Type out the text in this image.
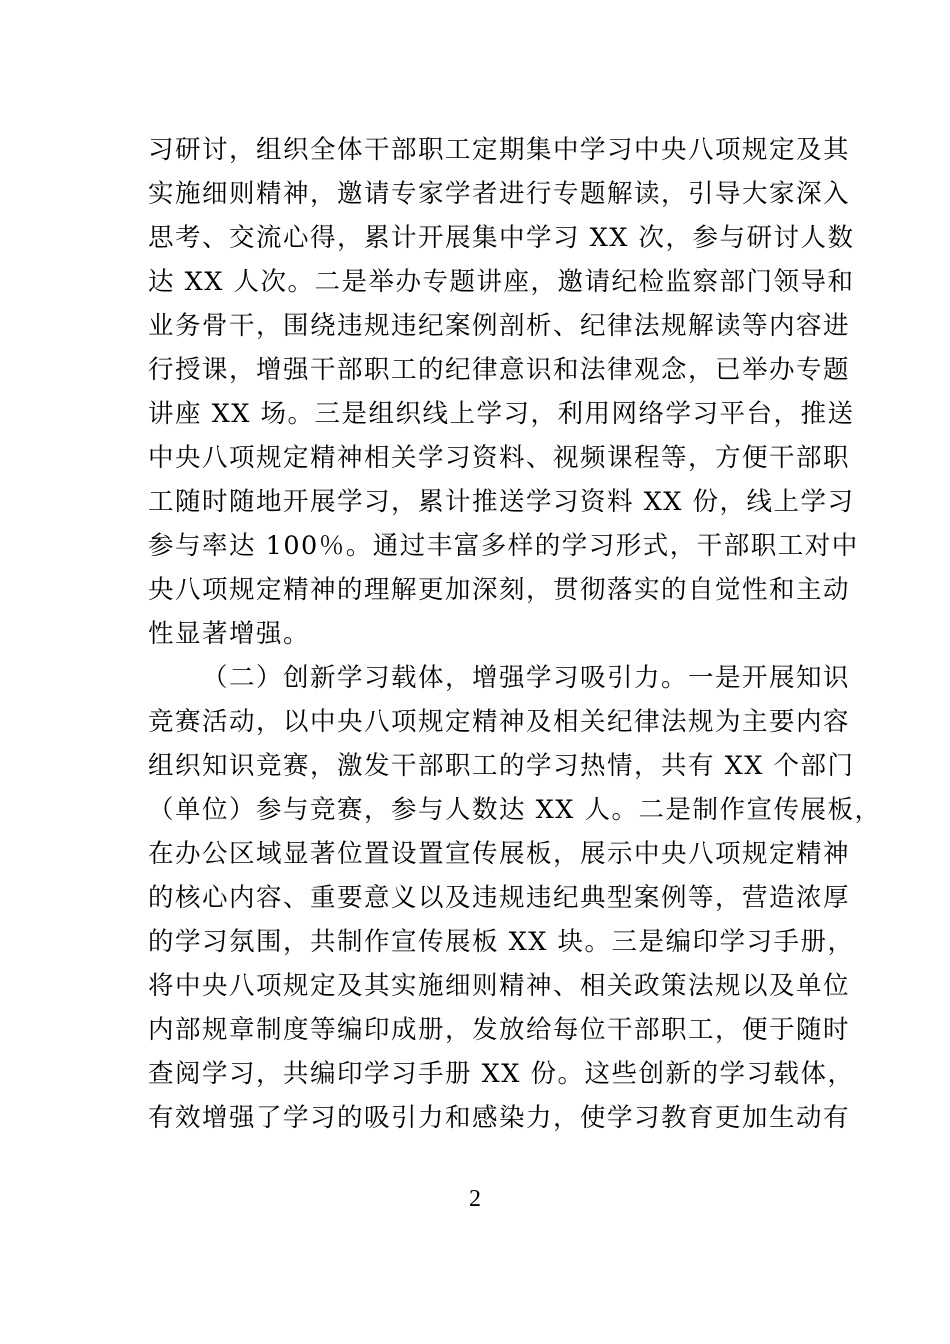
习研讨，组织全体干部职工定期集中学习中央八项规定及其
实施细则精神，邀请专家学者进行专题解读，引导大家深入
思考、交流心得，累计开展集中学习 XX 次，参与研讨人数
达 XX 人次。二是举办专题讲座，邀请纪检监察部门领导和
业务骨干，围绕违规违纪案例剖析、纪律法规解读等内容进
行授课，增强干部职工的纪律意识和法律观念，已举办专题
讲座 XX 场。三是组织线上学习，利用网络学习平台，推送
中央八项规定精神相关学习资料、视频课程等，方便干部职
工随时随地开展学习，累计推送学习资料 XX 份，线上学习
参与率达 100％。通过丰富多样的学习形式，干部职工对中
央八项规定精神的理解更加深刻，贯彻落实的自觉性和主动
性显著增强。
（二）创新学习载体，增强学习吸引力。一是开展知识
竞赛活动，以中央八项规定精神及相关纪律法规为主要内容
组织知识竞赛，激发干部职工的学习热情，共有 XX 个部门
（单位）参与竞赛，参与人数达 XX 人。二是制作宣传展板，
在办公区域显著位置设置宣传展板，展示中央八项规定精神
的核心内容、重要意义以及违规违纪典型案例等，营造浓厚
的学习氛围，共制作宣传展板 XX 块。三是编印学习手册，
将中央八项规定及其实施细则精神、相关政策法规以及单位
内部规章制度等编印成册，发放给每位干部职工，便于随时
查阅学习，共编印学习手册 XX 份。这些创新的学习载体，
有效增强了学习的吸引力和感染力，使学习教育更加生动有
2
